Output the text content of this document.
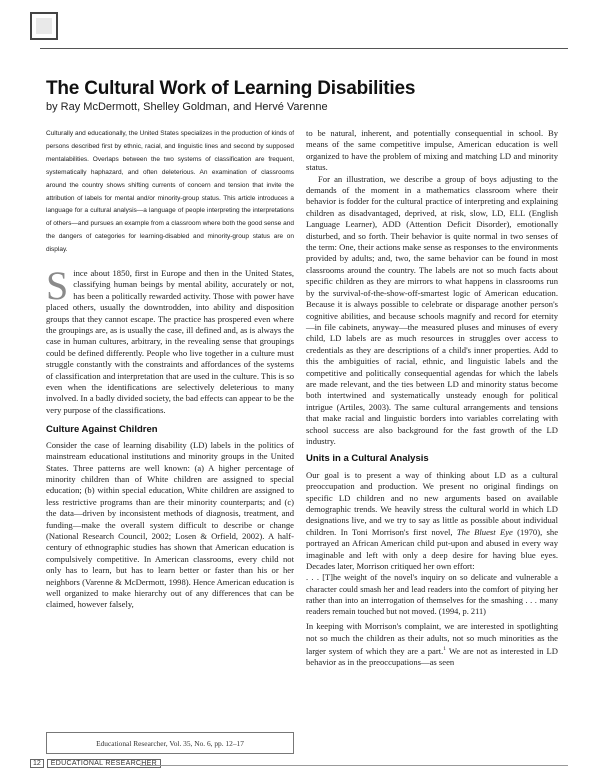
The Cultural Work of Learning Disabilities
by Ray McDermott, Shelley Goldman, and Hervé Varenne
Culturally and educationally, the United States specializes in the production of kinds of persons described first by ethnic, racial, and linguistic lines and second by supposed mentalabilities. Overlaps between the two systems of classification are frequent, systematically haphazard, and often deleterious. An examination of classrooms around the country shows shifting currents of concern and tension that invite the attribution of labels for mental and/or minority-group status. This article introduces a language for a cultural analysis—a language of people interpreting the interpretations of others—and pursues an example from a classroom where both the good sense and the dangers of categories for learning-disabled and minority-group status are on display.

Since about 1850, first in Europe and then in the United States, classifying human beings by mental ability, accurately or not, has been a politically rewarded activity. Those with power have placed others, usually the downtrodden, into ability and disposition groups that they cannot escape. The practice has prospered even where the groupings are, as is usually the case, ill defined and, as is always the case in human cultures, arbitrary, in the revealing sense that groupings could be defined differently. People who live together in a culture must struggle constantly with the constraints and affordances of the systems of classification and interpretation that are used in the culture. This is so even when the identifications are selectively deleterious to many involved. In a badly divided society, the bad effects can appear to be the very purpose of the classifications.

Culture Against Children

Consider the case of learning disability (LD) labels in the politics of mainstream educational institutions and minority groups in the United States. Three patterns are well known: (a) A higher percentage of minority children than of White children are assigned to special education; (b) within special education, White children are assigned to less restrictive programs than are their minority counterparts; and (c) the data—driven by inconsistent methods of diagnosis, treatment, and funding—make the overall system difficult to describe or change (National Research Council, 2002; Losen & Orfield, 2002). A half-century of ethnographic studies has shown that American education is compulsively competitive. In American classrooms, every child not only has to learn, but has to learn better or faster than his or her neighbors (Varenne & McDermott, 1998). Hence American education is well organized to make hierarchy out of any differences that can be claimed, however falsely,

to be natural, inherent, and potentially consequential in school. By means of the same competitive impulse, American education is well organized to have the problem of mixing and matching LD and minority status.

For an illustration, we describe a group of boys adjusting to the demands of the moment in a mathematics classroom where their behavior is fodder for the cultural practice of interpreting and explaining children as disadvantaged, deprived, at risk, slow, LD, ELL (English Language Learner), ADD (Attention Deficit Disorder), emotionally disturbed, and so forth. Their behavior is quite normal in two senses of the term: One, their actions make sense as responses to the environments provided by adults; and, two, the same behavior can be found in most classrooms around the country. The labels are not so much facts about specific children as they are mirrors to what happens in classrooms run by the survival-of-the-show-off-smartest logic of American education. Because it is always possible to celebrate or disparage another person's cognitive abilities, and because schools magnify and record for eternity—in file cabinets, anyway—the measured pluses and minuses of every child, LD labels are as much resources in struggles over access to credentials as they are descriptions of a child's inner properties. Add to this the ambiguities of racial, ethnic, and linguistic labels and the competitive and politically consequential agendas for which the labels are made relevant, and the ties between LD and minority status become both intertwined and systematically unsteady enough for political intrigue (Artiles, 2003). The same cultural arrangements and tensions that make racial and linguistic borders into variables correlating with school success are also background for the fast growth of the LD industry.

Units in a Cultural Analysis

Our goal is to present a way of thinking about LD as a cultural preoccupation and production. We present no original findings on specific LD children and no new arguments based on available demographic trends. We heavily stress the cultural world in which LD designations live, and we try to say as little as possible about individual children. In Toni Morrison's first novel, The Bluest Eye (1970), she portrayed an African American child put-upon and abused in every way imaginable and left with only a deep desire for having blue eyes. Decades later, Morrison critiqued her own effort:

. . . [T]he weight of the novel's inquiry on so delicate and vulnerable a character could smash her and lead readers into the comfort of pitying her rather than into an interrogation of themselves for the smashing . . . many readers remain touched but not moved. (1994, p. 211)

In keeping with Morrison's complaint, we are interested in spotlighting not so much the children as their adults, not so much minorities as the larger system of which they are a part.$^1$ We are not as interested in LD behavior as in the preoccupations—as seen

Educational Researcher, Vol. 35, No. 6, pp. 12–17
12	EDUCATIONAL RESEARCHER
